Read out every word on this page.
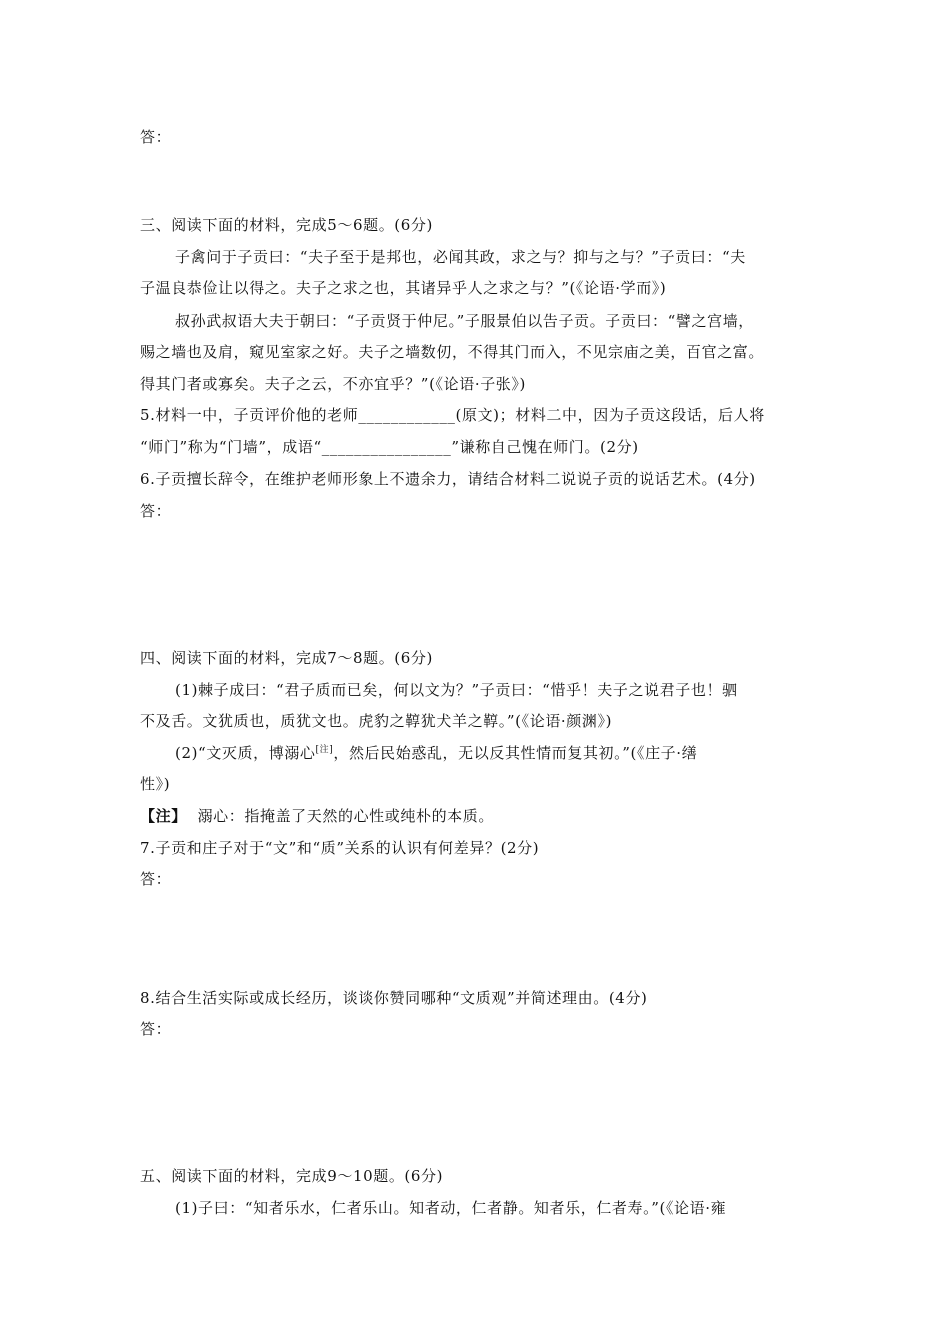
答：
三、阅读下面的材料，完成5～6题。(6分)
子禽问于子贡曰：“夫子至于是邦也，必闻其政，求之与？抑与之与？”子贡曰：“夫
子温良恭俭让以得之。夫子之求之也，其诸异乎人之求之与？”(《论语·学而》)
叔孙武叔语大夫于朝曰：“子贡贤于仲尼。”子服景伯以告子贡。子贡曰：“譬之宫墙，
赐之墙也及肩，窥见室家之好。夫子之墙数仞，不得其门而入，不见宗庙之美，百官之富。
得其门者或寡矣。夫子之云，不亦宜乎？”(《论语·子张》)
5.材料一中，子贡评价他的老师____________(原文)；材料二中，因为子贡这段话，后人将
“师门”称为“门墙”，成语“________________”谦称自己愧在师门。(2分)
6.子贡擅长辞令，在维护老师形象上不遗余力，请结合材料二说说子贡的说话艺术。(4分)
答：
四、阅读下面的材料，完成7～8题。(6分)
(1)棘子成曰：“君子质而已矣，何以文为？”子贡曰：“惜乎！夫子之说君子也！驷
不及舌。文犹质也，质犹文也。虎豹之鞟犹犬羊之鞟。”(《论语·颜渊》)
(2)“文灭质，博溺心[注]，然后民始惑乱，无以反其性情而复其初。”(《庄子·缮
性》)
【注】 溺心：指掩盖了天然的心性或纯朴的本质。
7.子贡和庄子对于“文”和“质”关系的认识有何差异？(2分)
答：
8.结合生活实际或成长经历，谈谈你赞同哪种“文质观”并简述理由。(4分)
答：
五、阅读下面的材料，完成9～10题。(6分)
(1)子曰：“知者乐水，仁者乐山。知者动，仁者静。知者乐，仁者寿。”(《论语·雍
